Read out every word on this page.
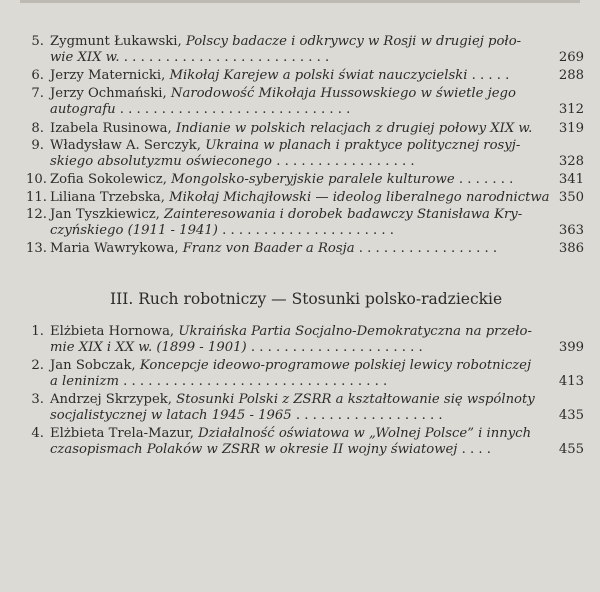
5. Zygmunt Łukawski, Polscy badacze i odkrywcy w Rosji w drugiej poło-
wie XIX w. . . . . . . . . . . . . . . . . . . . . . . . . .	269
6. Jerzy Maternicki, Mikołaj Karejew a polski świat nauczycielski . . . . .	288
7. Jerzy Ochmański, Narodowość Mikołaja Hussowskiego w świetle jego
autografu . . . . . . . . . . . . . . . . . . . . . . . . . . . .	312
8. Izabela Rusinowa, Indianie w polskich relacjach z drugiej połowy XIX w.	319
9. Władysław A. Serczyk, Ukraina w planach i praktyce politycznej rosyj-
skiego absolutyzmu oświeconego . . . . . . . . . . . . . . . . .	328
10. Zofia Sokolewicz, Mongolsko-syberyjskie paralele kulturowe . . . . . . .	341
11. Liliana Trzebska, Mikołaj Michajłowski — ideolog liberalnego narodnictwa 350
12. Jan Tyszkiewicz, Zainteresowania i dorobek badawczy Stanisława Kry-
czyńskiego (1911 - 1941) . . . . . . . . . . . . . . . . . . . . .	363
13. Maria Wawrykowa, Franz von Baader a Rosja . . . . . . . . . . . . . . . . .	386
III. Ruch robotniczy — Stosunki polsko-radzieckie
1. Elżbieta Hornowa, Ukraińska Partia Socjalno-Demokratyczna na przeło-
mie XIX i XX w. (1899 - 1901) . . . . . . . . . . . . . . . . . . . . .	399
2. Jan Sobczak, Koncepcje ideowo-programowe polskiej lewicy robotniczej
a leninizm . . . . . . . . . . . . . . . . . . . . . . . . . . . . . . . .	413
3. Andrzej Skrzypek, Stosunki Polski z ZSRR a kształtowanie się wspólnoty
socjalistycznej w latach 1945 - 1965 . . . . . . . . . . . . . . . . . .	435
4. Elżbieta Trela-Mazur, Działalność oświatowa w „Wolnej Polsce” i innych
czasopismach Polaków w ZSRR w okresie II wojny światowej . . . .	455
